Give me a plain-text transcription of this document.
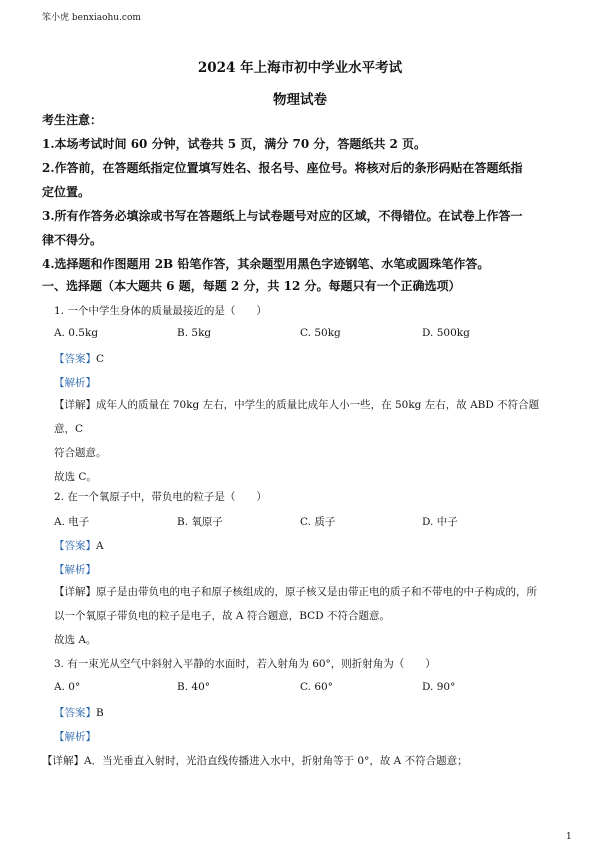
笨小虎 benxiaohu.com
2024 年上海市初中学业水平考试
物理试卷
考生注意：
1.本场考试时间 60 分钟，试卷共 5 页，满分 70 分，答题纸共 2 页。
2.作答前，在答题纸指定位置填写姓名、报名号、座位号。将核对后的条形码贴在答题纸指
定位置。
3.所有作答务必填涂或书写在答题纸上与试卷题号对应的区域，不得错位。在试卷上作答一
律不得分。
4.选择题和作图题用 2B 铅笔作答，其余题型用黑色字迹钢笔、水笔或圆珠笔作答。
一、选择题（本大题共 6 题，每题 2 分，共 12 分。每题只有一个正确选项）
1. 一个中学生身体的质量最接近的是（　　）
A. 0.5kg	B. 5kg	C. 50kg	D. 500kg
【答案】C
【解析】
【详解】成年人的质量在 70kg 左右，中学生的质量比成年人小一些，在 50kg 左右，故 ABD 不符合题意，C
符合题意。
故选 C。
2. 在一个氧原子中，带负电的粒子是（　　）
A. 电子	B. 氧原子	C. 质子	D. 中子
【答案】A
【解析】
【详解】原子是由带负电的电子和原子核组成的，原子核又是由带正电的质子和不带电的中子构成的，所
以一个氧原子带负电的粒子是电子，故 A 符合题意，BCD 不符合题意。
故选 A。
3. 有一束光从空气中斜射入平静的水面时，若入射角为 60°，则折射角为（　　）
A. 0°	B. 40°	C. 60°	D. 90°
【答案】B
【解析】
【详解】A．当光垂直入射时，光沿直线传播进入水中，折射角等于 0°，故 A 不符合题意；
1
